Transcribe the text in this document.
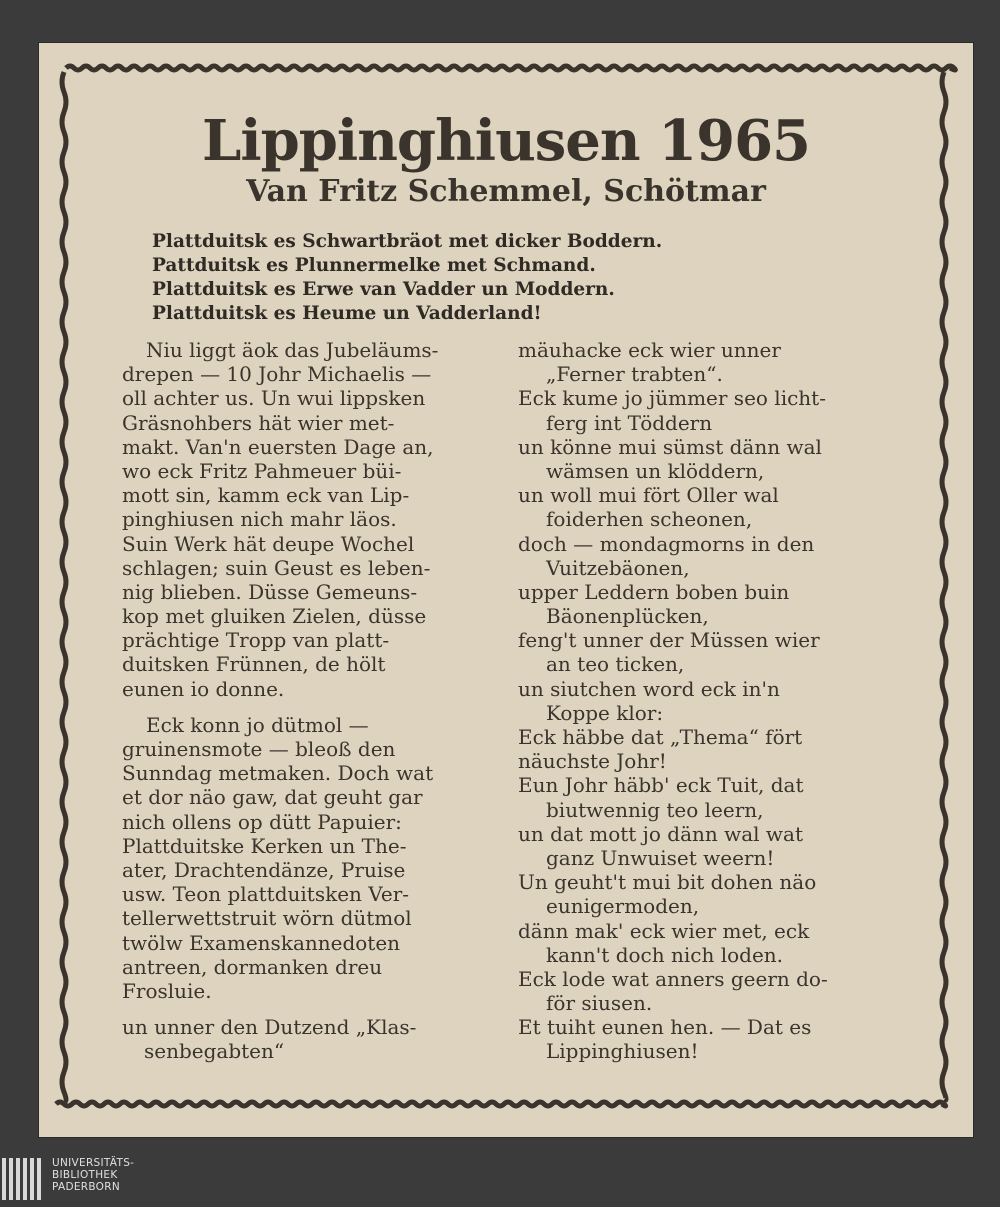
Lippinghiusen 1965
Van Fritz Schemmel, Schötmar
Plattduitsk es Schwartbräot met dicker Boddern.
Pattduitsk es Plunnermelke met Schmand.
Plattduitsk es Erwe van Vadder un Moddern.
Plattduitsk es Heume un Vadderland!
Niu liggt äok das Jubeläums-
drepen — 10 Johr Michaelis —
oll achter us. Un wui lippsken
Gräsnohbers hät wier met-
makt. Van'n euersten Dage an,
wo eck Fritz Pahmeuer büi-
mott sin, kamm eck van Lip-
pinghiusen nich mahr läos.
Suin Werk hät deupe Wochel
schlagen; suin Geust es leben-
nig blieben. Düsse Gemeuns-
kop met gluiken Zielen, düsse
prächtige Tropp van platt-
duitsken Frünnen, de hölt
eunen io donne.
Eck konn jo dütmol —
gruinensmote — bleoß den
Sunndag metmaken. Doch wat
et dor näo gaw, dat geuht gar
nich ollens op dütt Papuier:
Plattduitske Kerken un The-
ater, Drachtendänze, Pruise
usw. Teon plattduitsken Ver-
tellerwettstruit wörn dütmol
twölw Examenskannedoten
antreen, dormanken dreu
Frosluie.
un unner den Dutzend „Klas-
senbegabten“
mäuhacke eck wier unner
„Ferner trabten“.
Eck kume jo jümmer seo licht-
ferg int Töddern
un könne mui sümst dänn wal
wämsen un klöddern,
un woll mui fört Oller wal
foiderhen scheonen,
doch — mondagmorns in den
Vuitzebäonen,
upper Leddern boben buin
Bäonenplücken,
feng't unner der Müssen wier
an teo ticken,
un siutchen word eck in'n
Koppe klor:
Eck häbbe dat „Thema“ fört
näuchste Johr!
Eun Johr häbb' eck Tuit, dat
biutwennig teo leern,
un dat mott jo dänn wal wat
ganz Unwuiset weern!
Un geuht't mui bit dohen näo
eunigermoden,
dänn mak' eck wier met, eck
kann't doch nich loden.
Eck lode wat anners geern do-
för siusen.
Et tuiht eunen hen. — Dat es
Lippinghiusen!
UNIVERSITÄTS-
BIBLIOTHEK
PADERBORN
